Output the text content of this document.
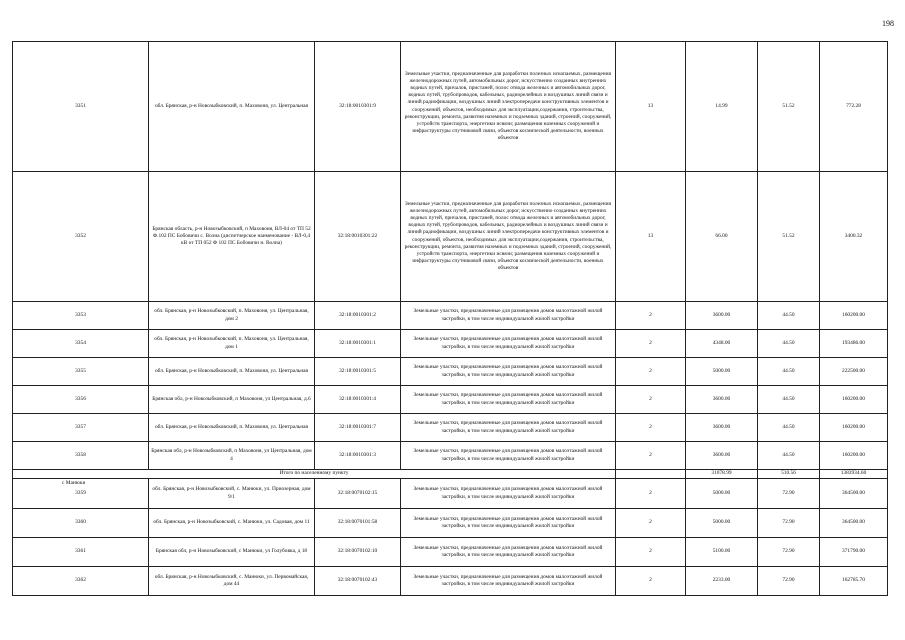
198
3351	обл. Брянская, р-н Новозыбковский, п. Маховоня, ул. Центральная	32:18:0010301:9	Земельные участки, предназначенные для разработки полезных ископаемых, размещения железнодорожных путей, автомобильных дорог, искусственно созданных внутренних водных путей, причалов, пристаней, полос отвода железных и автомобильных дорог, водных путей, трубопроводов, кабельных, радиорелейных и воздушных линий связи и линий радиофикации, воздушных линий электропередачи конструктивных элементов и сооружений, объектов, необходимых для эксплуатации,содержания, строительства, реконструкции, ремонта, развития наземных и подземных зданий, строений, сооружений, устройств транспорта, энергетики исвязи; размещения наземных сооружений и инфраструктуры спутниковой связи, объектов космической деятельности, военных объектов	13	14.99	51.52	772.28
3352	Брянская область, р-н Новозыбковский, п Маховоня, ВЛ-04 от ТП 52 Ф.102 ПС Бобовичи с. Волна (диспетчерское наименование - ВЛ-0,4 кВ от ТП 052 Ф 102 ПС Бобовичи н. Волна)	32:18:0010301:22	Земельные участки, предназначенные для разработки полезных ископаемых, размещения железнодорожных путей, автомобильных дорог, искусственно созданных внутренних водных путей, причалов, пристаней, полос отвода железных и автомобильных дорог, водных путей, трубопроводов, кабельных, радиорелейных и воздушных линий связи и линий радиофикации, воздушных линий электропередачи конструктивных элементов и сооружений, объектов, необходимых для эксплуатации,содержания, строительства, реконструкции, ремонта, развития наземных и подземных зданий, строений, сооружений, устройств транспорта, энергетики исвязи; размещения наземных сооружений и инфраструктуры спутниковой связи, объектов космической деятельности, военных объектов	13	66.00	51.52	3400.32
3353	обл. Брянская, р-н Новозыбковский, п. Маховоня, ул. Центральная, дом 2	32:18:0010301:2	Земельные участки, предназначенные для размещения домов малоэтажной жилой застройки, в том числе индивидуальной жилой застройки	2	3600.00	44.50	160200.00
3354	обл. Брянская, р-н Новозыбковский, п. Маховоня, ул. Центральная, дом 1	32:18:0010301:1	Земельные участки, предназначенные для размещения домов малоэтажной жилой застройки, в том числе индивидуальной жилой застройки	2	4348.00	44.50	193486.00
3355	обл. Брянская, р-н Новозыбковский, п. Маховоня, ул. Центральная	32:18:0010301:5	Земельные участки, предназначенные для размещения домов малоэтажной жилой застройки, в том числе индивидуальной жилой застройки	2	5000.00	44.50	222500.00
3356	Брянская обл, р-н Новозыбковский, п Маховоня, ул Центральная, д.6	32:18:0010301:4	Земельные участки, предназначенные для размещения домов малоэтажной жилой застройки, в том числе индивидуальной жилой застройки	2	3600.00	44.50	160200.00
3357	обл. Брянская, р-н Новозыбковский, п. Маховоня, ул. Центральная	32:18:0010301:7	Земельные участки, предназначенные для размещения домов малоэтажной жилой застройки, в том числе индивидуальной жилой застройки	2	3600.00	44.50	160200.00
3358	Брянская обл, р-н Новозыбковский, п Маховоня, ул Центральная, дом 4	32:18:0010301:3	Земельные участки, предназначенные для размещения домов малоэтажной жилой застройки, в том числе индивидуальной жилой застройки	2	3600.00	44.50	160200.00
Итого по населенному пункту					31078.99	510.56	1383934.60
3359	обл. Брянская, р-н Новозыбковский, с. Манюки, ул. Приозерная, дом 9/1	32:18:0070102:15	Земельные участки, предназначенные для размещения домов малоэтажной жилой застройки, в том числе индивидуальной жилой застройки	2	5000.00	72.90	364500.00
3360	обл. Брянская, р-н Новозыбковский, с. Манюки, ул. Садовая, дом 11	32:18:0070101:58	Земельные участки, предназначенные для размещения домов малоэтажной жилой застройки, в том числе индивидуальной жилой застройки	2	5000.00	72.90	364500.00
3361	Брянская обл, р-н Новозыбковский, с Манюки, ул Голубовка, д 18	32:18:0070102:10	Земельные участки, предназначенные для размещения домов малоэтажной жилой застройки, в том числе индивидуальной жилой застройки	2	5100.00	72.90	371790.00
3362	обл. Брянская, р-н Новозыбковский, с. Манюки, ул. Первомайская, дом 44	32:18:0070102:43	Земельные участки, предназначенные для размещения домов малоэтажной жилой застройки, в том числе индивидуальной жилой застройки	2	2233.00	72.90	162785.70
с Манюки
